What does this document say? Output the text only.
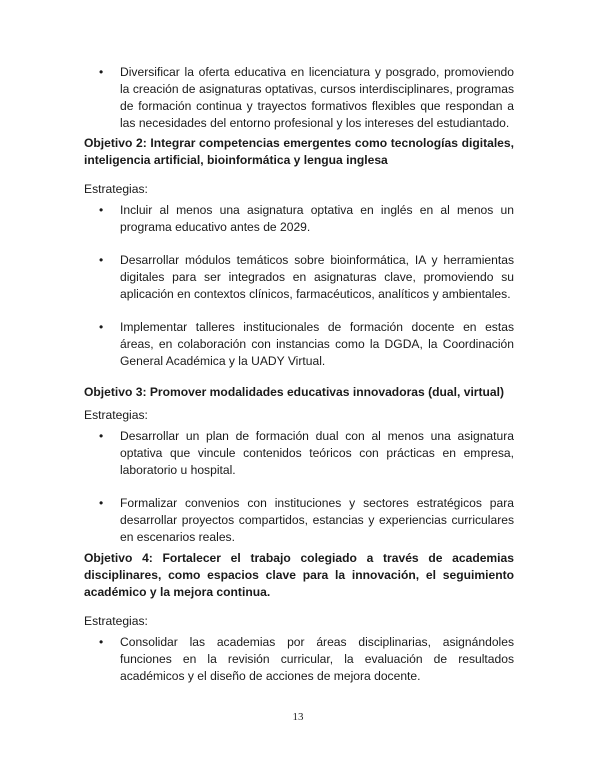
• Diversificar la oferta educativa en licenciatura y posgrado, promoviendo la creación de asignaturas optativas, cursos interdisciplinares, programas de formación continua y trayectos formativos flexibles que respondan a las necesidades del entorno profesional y los intereses del estudiantado.

Objetivo 2: Integrar competencias emergentes como tecnologías digitales, inteligencia artificial, bioinformática y lengua inglesa

Estrategias:

• Incluir al menos una asignatura optativa en inglés en al menos un programa educativo antes de 2029.
• Desarrollar módulos temáticos sobre bioinformática, IA y herramientas digitales para ser integrados en asignaturas clave, promoviendo su aplicación en contextos clínicos, farmacéuticos, analíticos y ambientales.
• Implementar talleres institucionales de formación docente en estas áreas, en colaboración con instancias como la DGDA, la Coordinación General Académica y la UADY Virtual.

Objetivo 3: Promover modalidades educativas innovadoras (dual, virtual)

Estrategias:

• Desarrollar un plan de formación dual con al menos una asignatura optativa que vincule contenidos teóricos con prácticas en empresa, laboratorio u hospital.
• Formalizar convenios con instituciones y sectores estratégicos para desarrollar proyectos compartidos, estancias y experiencias curriculares en escenarios reales.

Objetivo 4: Fortalecer el trabajo colegiado a través de academias disciplinares, como espacios clave para la innovación, el seguimiento académico y la mejora continua.

Estrategias:

• Consolidar las academias por áreas disciplinarias, asignándoles funciones en la revisión curricular, la evaluación de resultados académicos y el diseño de acciones de mejora docente.
13
